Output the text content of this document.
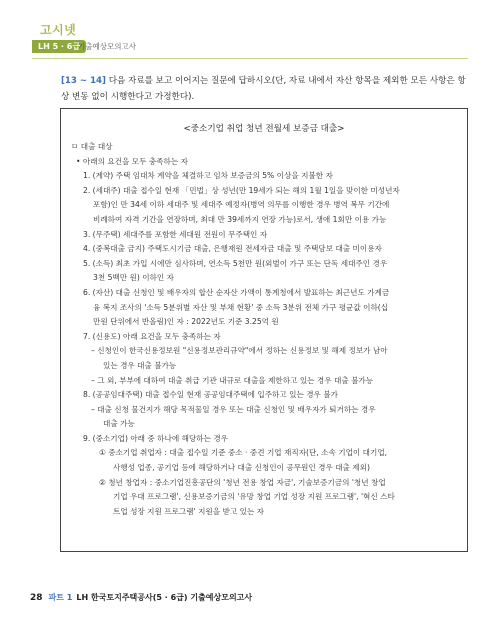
고시넷
LH 5 · 6급
기출예상모의고사
[13 ~ 14] 다음 자료를 보고 이어지는 질문에 답하시오(단, 자료 내에서 자산 항목을 제외한 모든 사항은 항상 변동 없이 시행한다고 가정한다).
<중소기업 취업 청년 전월세 보증금 대출>
ㅁ 대출 대상
• 아래의 요건을 모두 충족하는 자
1. (계약) 주택 임대차 계약을 체결하고 임차 보증금의 5% 이상을 지불한 자
2. (세대주) 대출 접수일 현재 「민법」상 성년(만 19세가 되는 해의 1월 1일을 맞이한 미성년자
포함)인 만 34세 이하 세대주 및 세대주 예정자(병역 의무를 이행한 경우 병역 복무 기간에
비례하여 자격 기간을 연장하며, 최대 만 39세까지 연장 가능)로서, 생애 1회만 이용 가능
3. (무주택) 세대주를 포함한 세대원 전원이 무주택인 자
4. (중복대출 금지) 주택도시기금 대출, 은행재원 전세자금 대출 및 주택담보 대출 미이용자
5. (소득) 최초 가입 시에만 심사하며, 연소득 5천만 원(외벌이 가구 또는 단독 세대주인 경우
3천 5백만 원) 이하인 자
6. (자산) 대출 신청인 및 배우자의 합산 순자산 가액이 통계청에서 발표하는 최근년도 가계금
융 복지 조사의 '소득 5분위별 자산 및 부채 현황' 중 소득 3분위 전체 가구 평균값 이하(십
만원 단위에서 반올림)인 자 : 2022년도 기준 3.25억 원
7. (신용도) 아래 요건을 모두 충족하는 자
– 신청인이 한국신용정보원 "신용정보관리규약"에서 정하는 신용정보 및 해제 정보가 남아
있는 경우 대출 불가능
– 그 외, 부부에 대하여 대출 취급 기관 내규로 대출을 제한하고 있는 경우 대출 불가능
8. (공공임대주택) 대출 접수일 현재 공공임대주택에 입주하고 있는 경우 불가
– 대출 신청 물건지가 해당 목적물일 경우 또는 대출 신청인 및 배우자가 퇴거하는 경우
대출 가능
9. (중소기업) 아래 중 하나에 해당하는 경우
① 중소기업 취업자 : 대출 접수일 기준 중소 · 중견 기업 재직자(단, 소속 기업이 대기업,
사행성 업종, 공기업 등에 해당하거나 대출 신청인이 공무원인 경우 대출 제외)
② 청년 창업자 : 중소기업진흥공단의 '청년 전용 창업 자금', 기술보증기금의 '청년 창업
기업 우대 프로그램', 신용보증기금의 '유망 창업 기업 성장 지원 프로그램', '혁신 스타
트업 성장 지원 프로그램' 지원을 받고 있는 자
28 파트 1 LH 한국토지주택공사(5 · 6급) 기출예상모의고사
